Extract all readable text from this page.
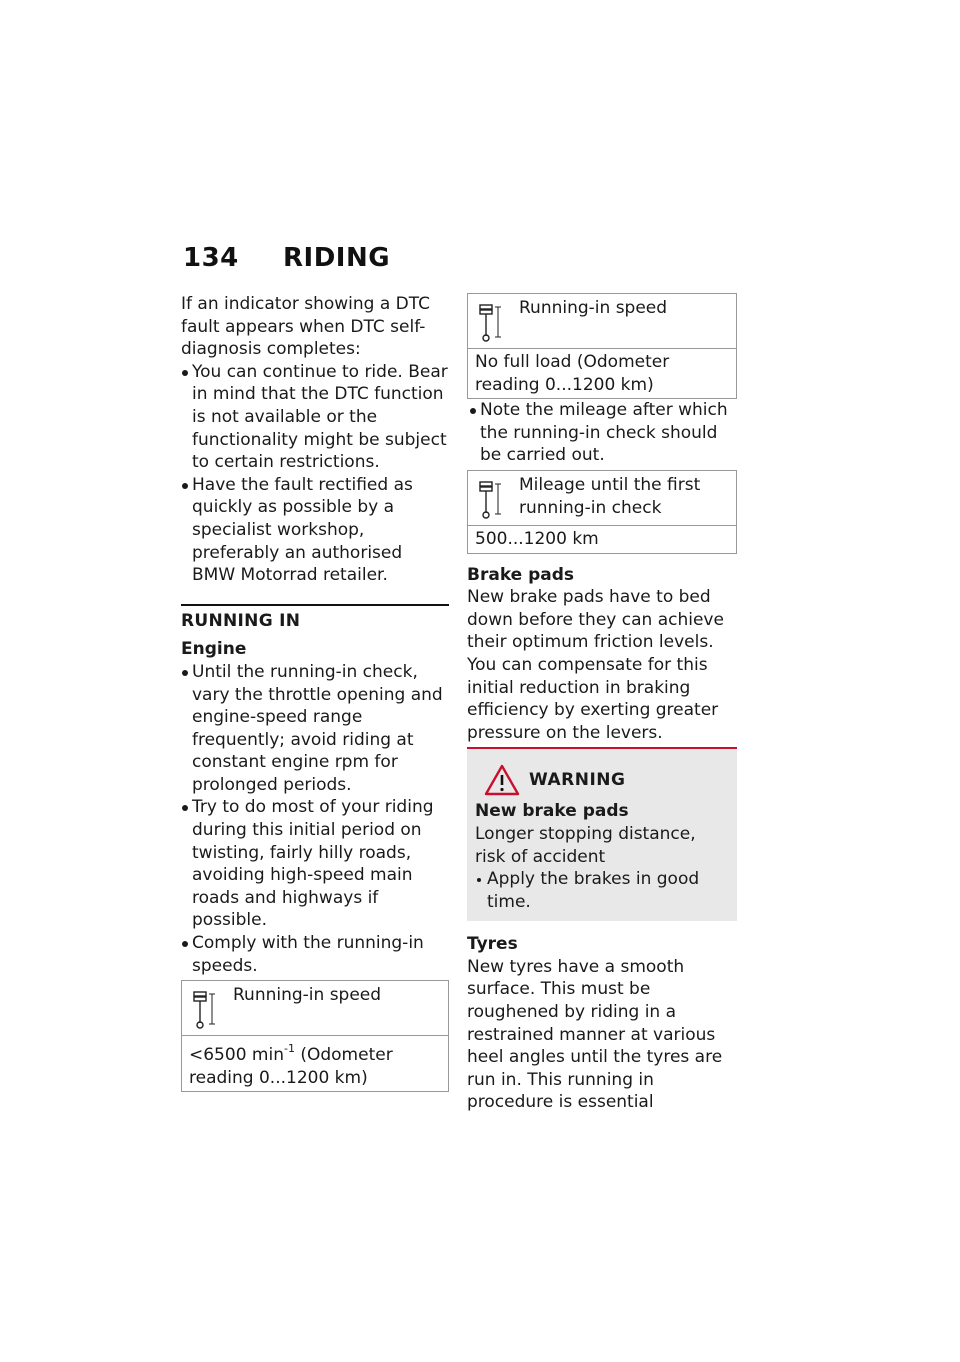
134 RIDING

If an indicator showing a DTC fault appears when DTC self-diagnosis completes:

You can continue to ride. Bear in mind that the DTC function is not available or the functionality might be subject to certain restrictions.

Have the fault rectified as quickly as possible by a specialist workshop, preferably an authorised BMW Motorrad retailer.

RUNNING IN
Engine

Until the running-in check, vary the throttle opening and engine-speed range frequently; avoid riding at constant engine rpm for prolonged periods.

Try to do most of your riding during this initial period on twisting, fairly hilly roads, avoiding high-speed main roads and highways if possible.

Comply with the running-in speeds.

Running-in speed
<6500 $\min^{-1}$ (Odometer reading 0...1200 km)
Running-in speed
No full load (Odometer reading 0...1200 km)

Note the mileage after which the running-in check should be carried out.

Mileage until the first running-in check
500...1200 km
Brake pads

New brake pads have to bed down before they can achieve their optimum friction levels. You can compensate for this initial reduction in braking efficiency by exerting greater pressure on the levers.

WARNING
New brake pads

Longer stopping distance, risk of accident

Apply the brakes in good time.

Tyres

New tyres have a smooth surface. This must be roughened by riding in a restrained manner at various heel angles until the tyres are run in. This running in procedure is essential
